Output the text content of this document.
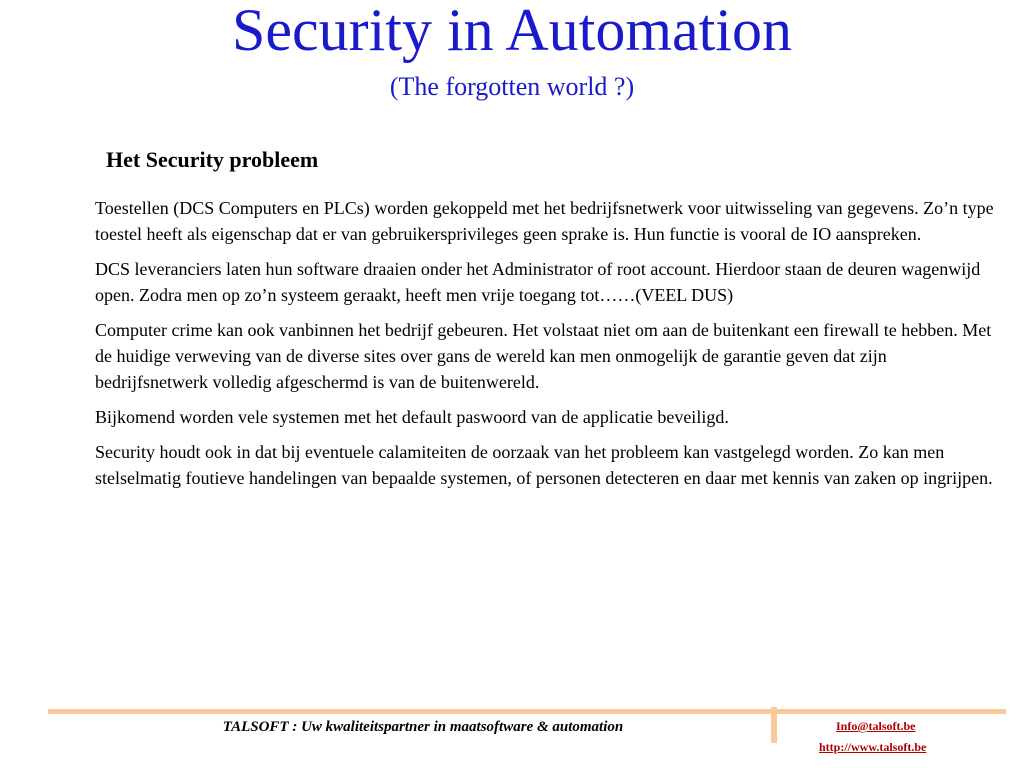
Security in Automation
(The forgotten world ?)
Het Security probleem

Toestellen (DCS Computers en PLCs) worden gekoppeld met het bedrijfsnetwerk voor uitwisseling van gegevens. Zo’n type toestel heeft als eigenschap dat er van gebruikersprivileges geen sprake is. Hun functie is vooral de IO aanspreken.

DCS leveranciers laten hun software draaien onder het Administrator of root account. Hierdoor staan de deuren wagenwijd open. Zodra men op zo’n systeem geraakt, heeft men vrije toegang tot……(VEEL DUS)

Computer crime kan ook vanbinnen het bedrijf gebeuren. Het volstaat niet om aan de buitenkant een firewall te hebben. Met de huidige verweving van de diverse sites over gans de wereld kan men onmogelijk de garantie geven dat zijn bedrijfsnetwerk volledig afgeschermd is van de buitenwereld.

Bijkomend worden vele systemen met het default paswoord van de applicatie beveiligd.

Security houdt ook in dat bij eventuele calamiteiten de oorzaak van het probleem kan vastgelegd worden. Zo kan men stelselmatig foutieve handelingen van bepaalde systemen, of personen detecteren en daar met kennis van zaken op ingrijpen.

TALSOFT : Uw kwaliteitspartner in maatsoftware & automation	Info@talsoft.be
http://www.talsoft.be
